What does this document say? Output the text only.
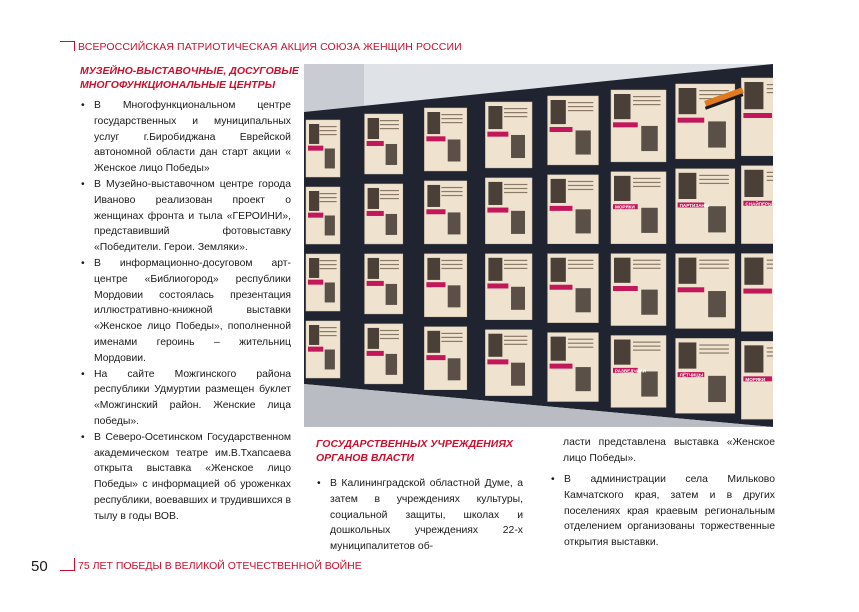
ВСЕРОССИЙСКАЯ ПАТРИОТИЧЕСКАЯ АКЦИЯ СОЮЗА ЖЕНЩИН РОССИИ
МУЗЕЙНО-ВЫСТАВОЧНЫЕ, ДОСУГОВЫЕ
МНОГОФУНКЦИОНАЛЬНЫЕ ЦЕНТРЫ
• В Многофункциональном центре государственных и муниципальных услуг г.Биробиджана Еврейской автономной области дан старт акции « Женское лицо Победы»
• В Музейно-выставочном центре города Иваново реализован проект о женщинах фронта и тыла «ГЕРОИНИ», представивший фотовыставку «Победители. Герои. Земляки».
• В информационно-досуговом арт-центре «Библиогород» республики Мордовии состоялась презентация иллюстративно-книжной выставки «Женское лицо Победы», пополненной именами героинь – жительниц Мордовии.
• На сайте Можгинского района республики Удмуртии размещен буклет «Можгинский район. Женские лица победы».
• В Северо-Осетинском Государственном академическом театре им.В.Тхапсаева открыта выставка «Женское лицо Победы» с информацией об уроженках республики, воевавших и трудившихся в тылу в годы ВОВ.
МОРЯКИ	ПАРТИЗАНЫ	СНАЙПЕРЫ
РАЗВЕДЧИКИ
ЛЁТЧИЦЫ
МОРЯКИ
ГОСУДАРСТВЕННЫХ УЧРЕЖДЕНИЯХ
ОРГАНОВ ВЛАСТИ
• В Калининградской областной Думе, а затем в учреждениях культуры, социальной защиты, школах и дошкольных учреждениях 22-х муниципалитетов об-
ласти представлена выставка «Женское лицо Победы».
• В администрации села Мильково Камчатского края, затем и в других поселениях края краевым региональным отделением организованы торжественные открытия выставки.
50	75 ЛЕТ ПОБЕДЫ В ВЕЛИКОЙ ОТЕЧЕСТВЕННОЙ ВОЙНЕ
